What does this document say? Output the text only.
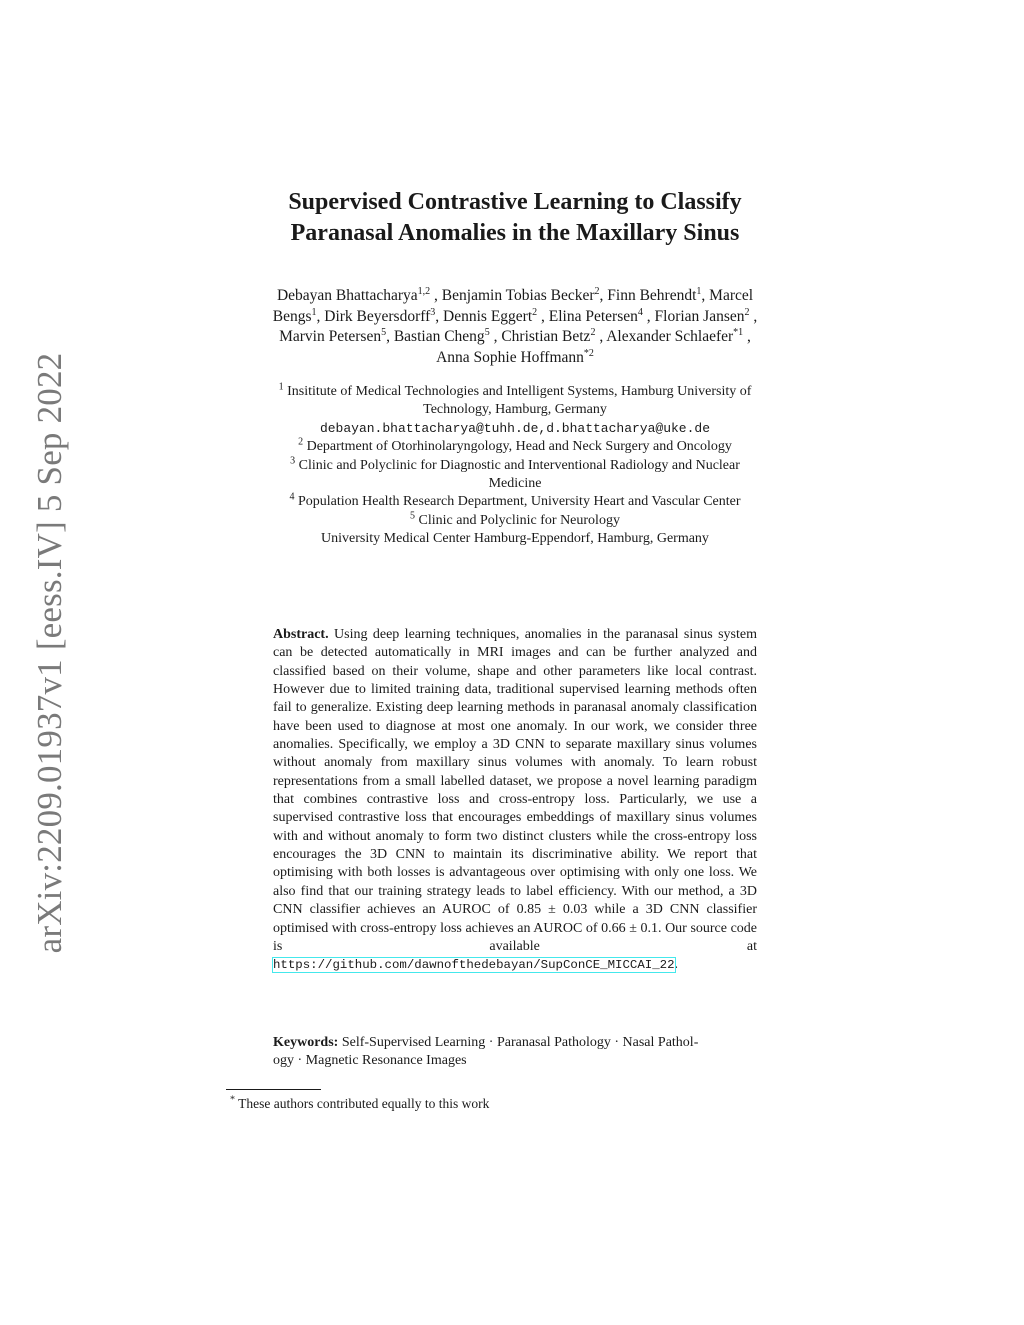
arXiv:2209.01937v1 [eess.IV] 5 Sep 2022
Supervised Contrastive Learning to Classify
Paranasal Anomalies in the Maxillary Sinus
Debayan Bhattacharya$^{1,2}$ , Benjamin Tobias Becker$^2$, Finn Behrendt$^1$, Marcel
Bengs$^1$, Dirk Beyersdorff$^3$, Dennis Eggert$^2$ , Elina Petersen$^4$ , Florian Jansen$^2$ ,
Marvin Petersen$^5$, Bastian Cheng$^5$ , Christian Betz$^2$ , Alexander Schlaefer$^{*1}$ ,
Anna Sophie Hoffmann$^{*2}$
$^1$ Insititute of Medical Technologies and Intelligent Systems, Hamburg University of
Technology, Hamburg, Germany
debayan.bhattacharya@tuhh.de,d.bhattacharya@uke.de
$^2$ Department of Otorhinolaryngology, Head and Neck Surgery and Oncology
$^3$ Clinic and Polyclinic for Diagnostic and Interventional Radiology and Nuclear
Medicine
$^4$ Population Health Research Department, University Heart and Vascular Center
$^5$ Clinic and Polyclinic for Neurology
University Medical Center Hamburg-Eppendorf, Hamburg, Germany

Abstract. Using deep learning techniques, anomalies in the paranasal sinus system can be detected automatically in MRI images and can be further analyzed and classified based on their volume, shape and other parameters like local contrast. However due to limited training data, traditional supervised learning methods often fail to generalize. Existing deep learning methods in paranasal anomaly classification have been used to diagnose at most one anomaly. In our work, we consider three anomalies. Specifically, we employ a 3D CNN to separate maxillary sinus volumes without anomaly from maxillary sinus volumes with anomaly. To learn robust representations from a small labelled dataset, we propose a novel learning paradigm that combines contrastive loss and cross-entropy loss. Particularly, we use a supervised contrastive loss that encourages embeddings of maxillary sinus volumes with and without anomaly to form two distinct clusters while the cross-entropy loss encourages the 3D CNN to maintain its discriminative ability. We report that optimising with both losses is advantageous over optimising with only one loss. We also find that our training strategy leads to label efficiency. With our method, a 3D CNN classifier achieves an AUROC of 0.85 ± 0.03 while a 3D CNN classifier optimised with cross-entropy loss achieves an AUROC of 0.66 ± 0.1. Our source code is available at https://github.com/dawnofthedebayan/SupConCE_MICCAI_22.

Keywords: Self-Supervised Learning · Paranasal Pathology · Nasal Pathol-
ogy · Magnetic Resonance Images
* These authors contributed equally to this work
